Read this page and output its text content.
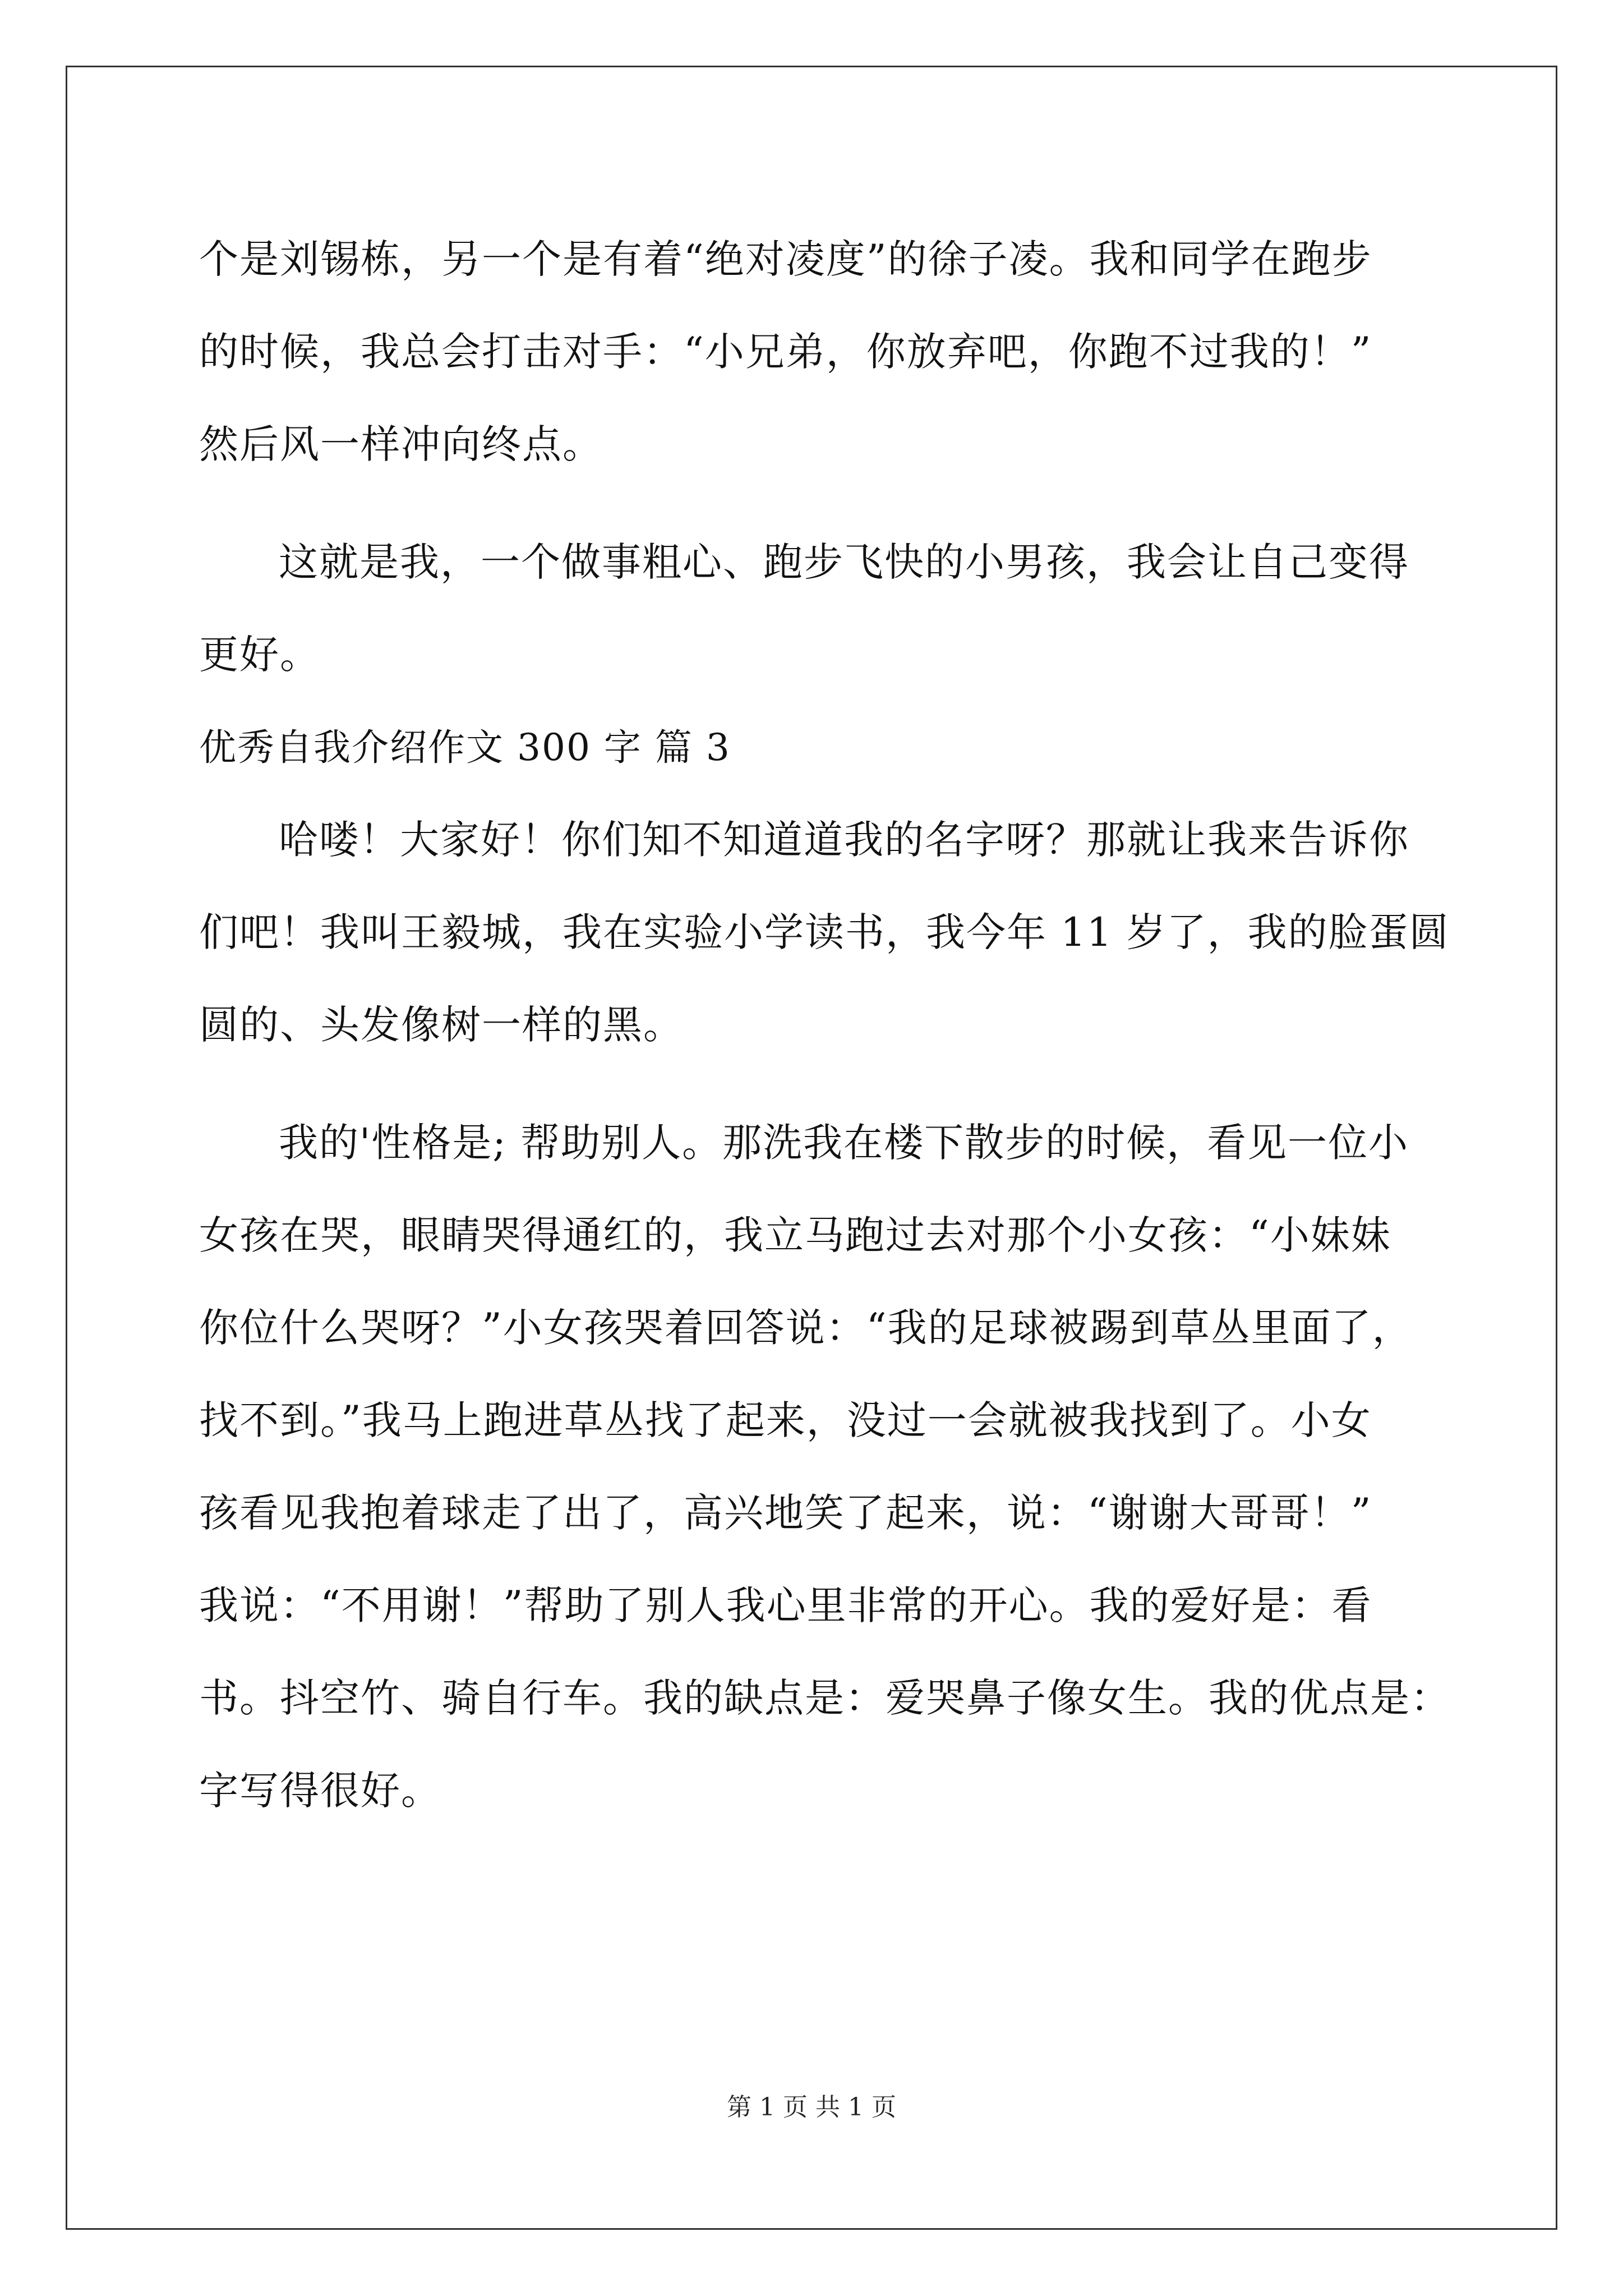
个是刘锡栋，另一个是有着“绝对凌度”的徐子凌。我和同学在跑步
的时候，我总会打击对手：“小兄弟，你放弃吧，你跑不过我的！”
然后风一样冲向终点。
这就是我，一个做事粗心、跑步飞快的小男孩，我会让自己变得
更好。
优秀自我介绍作文 300 字 篇 3
哈喽！大家好！你们知不知道道我的名字呀？那就让我来告诉你
们吧！我叫王毅城，我在实验小学读书，我今年 11 岁了，我的脸蛋圆
圆的、头发像树一样的黑。
我的'性格是; 帮助别人。那洗我在楼下散步的时候，看见一位小
女孩在哭，眼睛哭得通红的，我立马跑过去对那个小女孩：“小妹妹
你位什么哭呀？”小女孩哭着回答说：“我的足球被踢到草丛里面了，
找不到。”我马上跑进草丛找了起来，没过一会就被我找到了。小女
孩看见我抱着球走了出了，高兴地笑了起来，说：“谢谢大哥哥！”
我说：“不用谢！”帮助了别人我心里非常的开心。我的爱好是：看
书。抖空竹、骑自行车。我的缺点是：爱哭鼻子像女生。我的优点是：
字写得很好。
第 1 页 共 1 页
